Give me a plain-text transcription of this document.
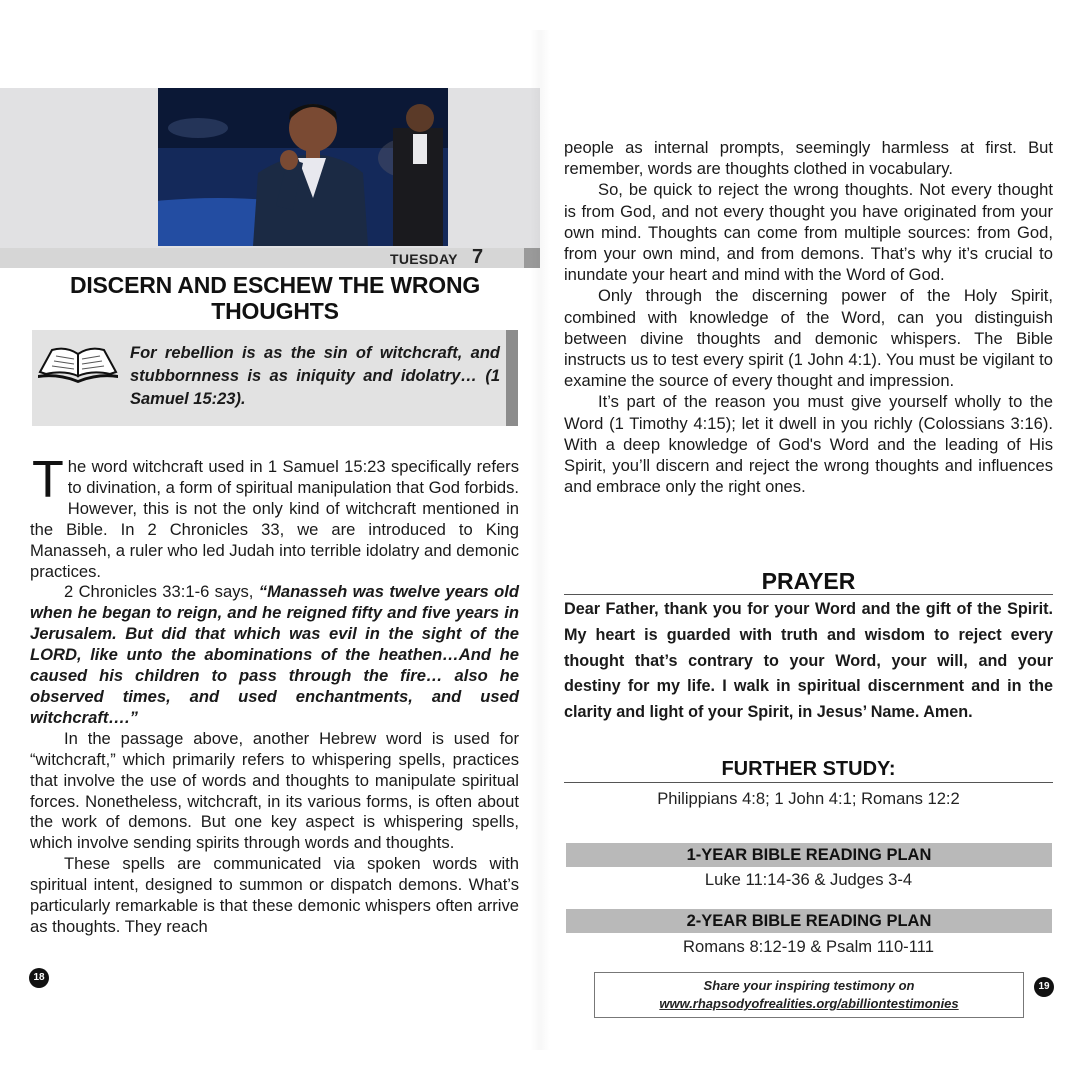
TUESDAY 7
DISCERN AND ESCHEW THE WRONG THOUGHTS
For rebellion is as the sin of witchcraft, and stubbornness is as iniquity and idolatry… (1 Samuel 15:23).

The word witchcraft used in 1 Samuel 15:23 specifically refers to divination, a form of spiritual manipulation that God forbids. However, this is not the only kind of witchcraft mentioned in the Bible. In 2 Chronicles 33, we are introduced to King Manasseh, a ruler who led Judah into terrible idolatry and demonic practices.

2 Chronicles 33:1-6 says, “Manasseh was twelve years old when he began to reign, and he reigned fifty and five years in Jerusalem. But did that which was evil in the sight of the LORD, like unto the abominations of the heathen…And he caused his children to pass through the fire… also he observed times, and used enchantments, and used witchcraft….”

In the passage above, another Hebrew word is used for “witchcraft,” which primarily refers to whispering spells, practices that involve the use of words and thoughts to manipulate spiritual forces. Nonetheless, witchcraft, in its various forms, is often about the work of demons. But one key aspect is whispering spells, which involve sending spirits through words and thoughts.

These spells are communicated via spoken words with spiritual intent, designed to summon or dispatch demons. What’s particularly remarkable is that these demonic whispers often arrive as thoughts. They reach

18

people as internal prompts, seemingly harmless at first. But remember, words are thoughts clothed in vocabulary.

So, be quick to reject the wrong thoughts. Not every thought is from God, and not every thought you have originated from your own mind. Thoughts can come from multiple sources: from God, from your own mind, and from demons. That’s why it’s crucial to inundate your heart and mind with the Word of God.

Only through the discerning power of the Holy Spirit, combined with knowledge of the Word, can you distinguish between divine thoughts and demonic whispers. The Bible instructs us to test every spirit (1 John 4:1). You must be vigilant to examine the source of every thought and impression.

It’s part of the reason you must give yourself wholly to the Word (1 Timothy 4:15); let it dwell in you richly (Colossians 3:16). With a deep knowledge of God's Word and the leading of His Spirit, you’ll discern and reject the wrong thoughts and influences and embrace only the right ones.

PRAYER
Dear Father, thank you for your Word and the gift of the Spirit. My heart is guarded with truth and wisdom to reject every thought that’s contrary to your Word, your will, and your destiny for my life. I walk in spiritual discernment and in the clarity and light of your Spirit, in Jesus’ Name. Amen.
FURTHER STUDY:
Philippians 4:8; 1 John 4:1; Romans 12:2
1-YEAR BIBLE READING PLAN
Luke 11:14-36 & Judges 3-4
2-YEAR BIBLE READING PLAN
Romans 8:12-19 & Psalm 110-111
Share your inspiring testimony on
www.rhapsodyofrealities.org/abilliontestimonies
19
